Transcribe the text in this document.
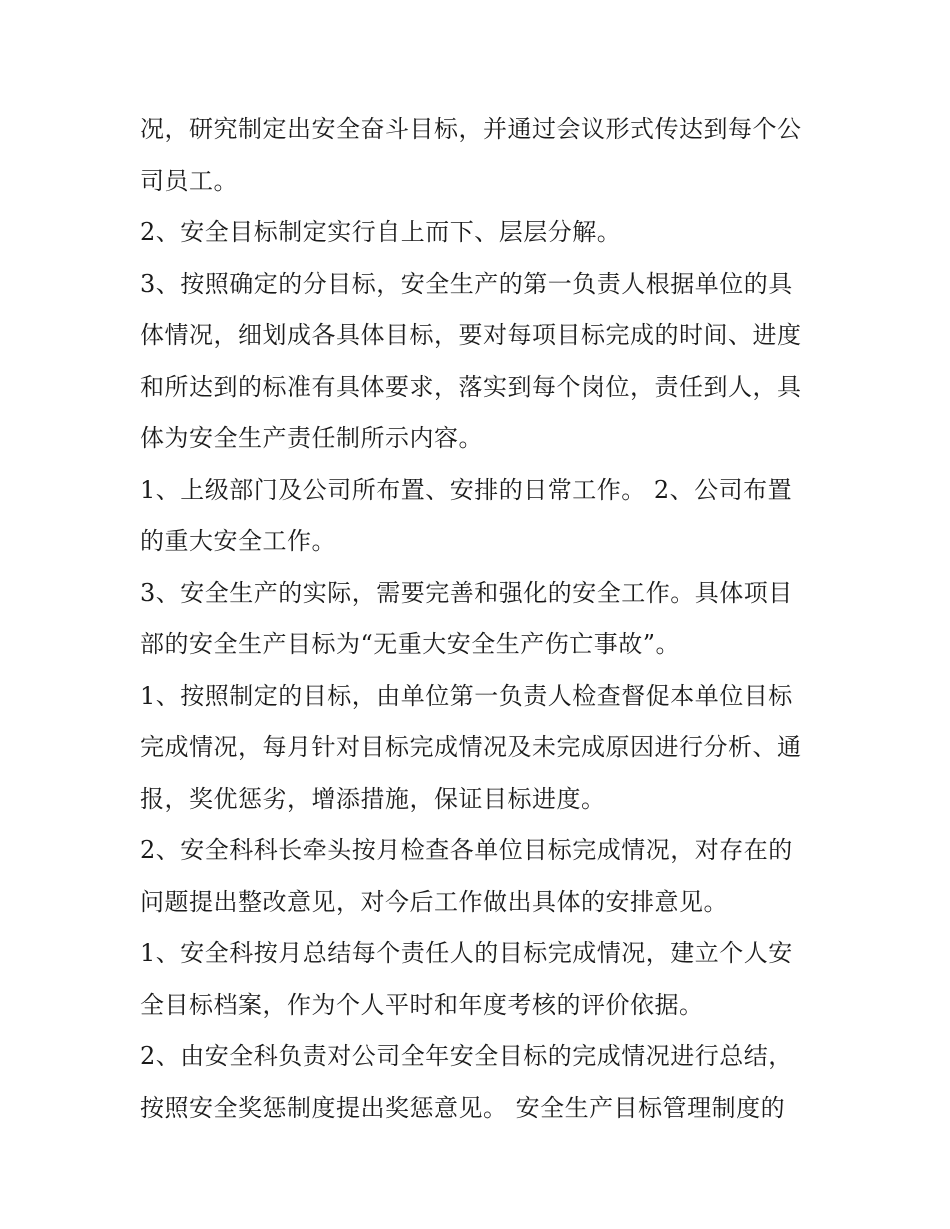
况，研究制定出安全奋斗目标，并通过会议形式传达到每个公

司员工。

2、安全目标制定实行自上而下、层层分解。

3、按照确定的分目标，安全生产的第一负责人根据单位的具

体情况，细划成各具体目标，要对每项目标完成的时间、进度

和所达到的标准有具体要求，落实到每个岗位，责任到人，具

体为安全生产责任制所示内容。

1、上级部门及公司所布置、安排的日常工作。 2、公司布置

的重大安全工作。

3、安全生产的实际，需要完善和强化的安全工作。具体项目

部的安全生产目标为“无重大安全生产伤亡事故”。

1、按照制定的目标，由单位第一负责人检查督促本单位目标

完成情况，每月针对目标完成情况及未完成原因进行分析、通

报，奖优惩劣，增添措施，保证目标进度。

2、安全科科长牵头按月检查各单位目标完成情况，对存在的

问题提出整改意见，对今后工作做出具体的安排意见。

1、安全科按月总结每个责任人的目标完成情况，建立个人安

全目标档案，作为个人平时和年度考核的评价依据。

2、由安全科负责对公司全年安全目标的完成情况进行总结，

按照安全奖惩制度提出奖惩意见。 安全生产目标管理制度的
